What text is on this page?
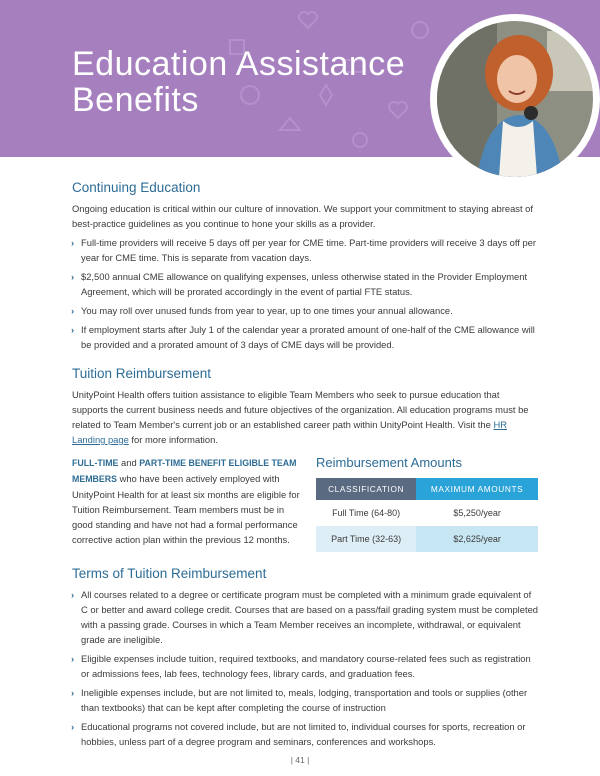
Education Assistance
Benefits
Continuing Education

Ongoing education is critical within our culture of innovation. We support your commitment to staying abreast of best-practice guidelines as you continue to hone your skills as a provider.

› Full-time providers will receive 5 days off per year for CME time. Part-time providers will receive 3 days off per year for CME time. This is separate from vacation days.
› $2,500 annual CME allowance on qualifying expenses, unless otherwise stated in the Provider Employment Agreement, which will be prorated accordingly in the event of partial FTE status.
› You may roll over unused funds from year to year, up to one times your annual allowance.
› If employment starts after July 1 of the calendar year a prorated amount of one-half of the CME allowance will be provided and a prorated amount of 3 days of CME days will be provided.
Tuition Reimbursement

UnityPoint Health offers tuition assistance to eligible Team Members who seek to pursue education that supports the current business needs and future objectives of the organization. All education programs must be related to Team Member's current job or an established career path within UnityPoint Health. Visit the HR Landing page for more information.

FULL-TIME and PART-TIME BENEFIT ELIGIBLE TEAM MEMBERS who have been actively employed with UnityPoint Health for at least six months are eligible for Tuition Reimbursement. Team members must be in good standing and have not had a formal performance corrective action plan within the previous 12 months.

Reimbursement Amounts
CLASSIFICATION	MAXIMUM AMOUNTS
Full Time (64-80)	$5,250/year
Part Time (32-63)	$2,625/year
Terms of Tuition Reimbursement
› All courses related to a degree or certificate program must be completed with a minimum grade equivalent of C or better and award college credit. Courses that are based on a pass/fail grading system must be completed with a passing grade. Courses in which a Team Member receives an incomplete, withdrawal, or equivalent grade are ineligible.
› Eligible expenses include tuition, required textbooks, and mandatory course-related fees such as registration or admissions fees, lab fees, technology fees, library cards, and graduation fees.
› Ineligible expenses include, but are not limited to, meals, lodging, transportation and tools or supplies (other than textbooks) that can be kept after completing the course of instruction
› Educational programs not covered include, but are not limited to, individual courses for sports, recreation or hobbies, unless part of a degree program and seminars, conferences and workshops.
| 41 |
